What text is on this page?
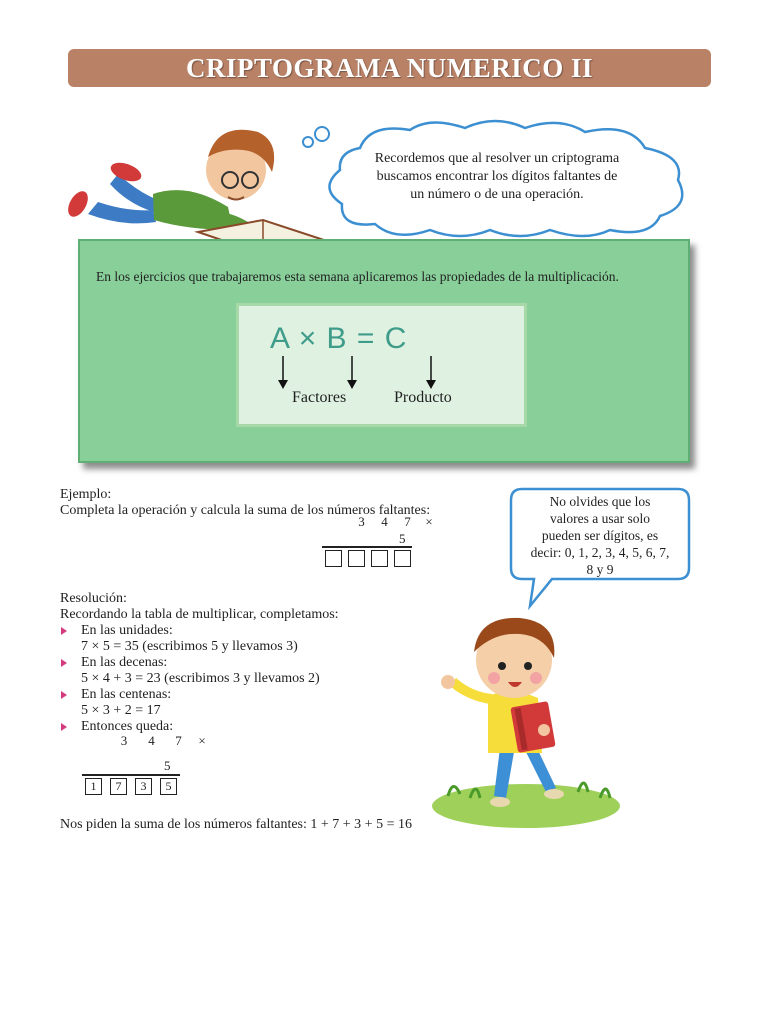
CRIPTOGRAMA NUMERICO II
Recordemos que al resolver un criptograma
buscamos encontrar los dígitos faltantes de
un número o de una operación.
En los ejercicios que trabajaremos esta semana aplicaremos las propiedades de la multiplicación.
A × B = C
Factores	Producto
Ejemplo:
Completa la operación y calcula la suma de los números faltantes:
3	4	7	×
5
No olvides que los
valores a usar solo
pueden ser dígitos, es
decir: 0, 1, 2, 3, 4, 5, 6, 7,
8 y 9
Resolución:
Recordando la tabla de multiplicar, completamos:
En las unidades:
7 × 5 = 35 (escribimos 5 y llevamos 3)
En las decenas:
5 × 4 + 3 = 23 (escribimos 3 y llevamos 2)
En las centenas:
5 × 3 + 2 = 17
Entonces queda:
3	4	7	×
5
1	7	3	5
Nos piden la suma de los números faltantes: 1 + 7 + 3 + 5 = 16
